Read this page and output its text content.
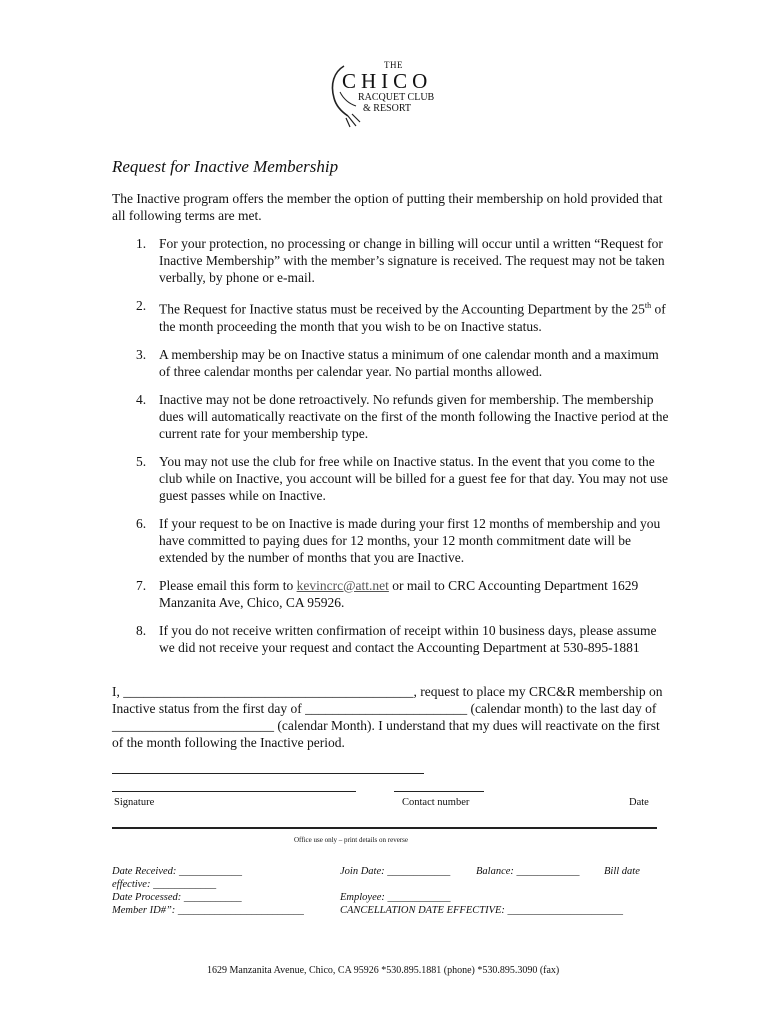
THE
CHICO
RACQUET CLUB
& RESORT
Request for Inactive Membership

The Inactive program offers the member the option of putting their membership on hold provided that all following terms are met.

1. For your protection, no processing or change in billing will occur until a written “Request for Inactive Membership” with the member’s signature is received. The request may not be taken verbally, by phone or e-mail.
2. The Request for Inactive status must be received by the Accounting Department by the 25th of the month proceeding the month that you wish to be on Inactive status.
3. A membership may be on Inactive status a minimum of one calendar month and a maximum of three calendar months per calendar year. No partial months allowed.
4. Inactive may not be done retroactively. No refunds given for membership. The membership dues will automatically reactivate on the first of the month following the Inactive period at the current rate for your membership type.
5. You may not use the club for free while on Inactive status. In the event that you come to the club while on Inactive, you account will be billed for a guest fee for that day. You may not use guest passes while on Inactive.
6. If your request to be on Inactive is made during your first 12 months of membership and you have committed to paying dues for 12 months, your 12 month commitment date will be extended by the number of months that you are Inactive.
7. Please email this form to kevincrc@att.net or mail to CRC Accounting Department 1629 Manzanita Ave, Chico, CA 95926.
8. If you do not receive written confirmation of receipt within 10 business days, please assume we did not receive your request and contact the Accounting Department at 530-895-1881

I, ___________________________________________, request to place my CRC&R membership on Inactive status from the first day of ________________________ (calendar month) to the last day of ________________________ (calendar Month). I understand that my dues will reactivate on the first of the month following the Inactive period.

Signature	Contact number	Date
Office use only – print details on reverse
Date Received: ____________
effective: ____________
Date Processed: ___________
Member ID#”: ________________________
Join Date: ____________ Balance: ____________ Bill date
Employee: ____________
CANCELLATION DATE EFFECTIVE: ______________________
1629 Manzanita Avenue, Chico, CA 95926 *530.895.1881 (phone) *530.895.3090 (fax)
